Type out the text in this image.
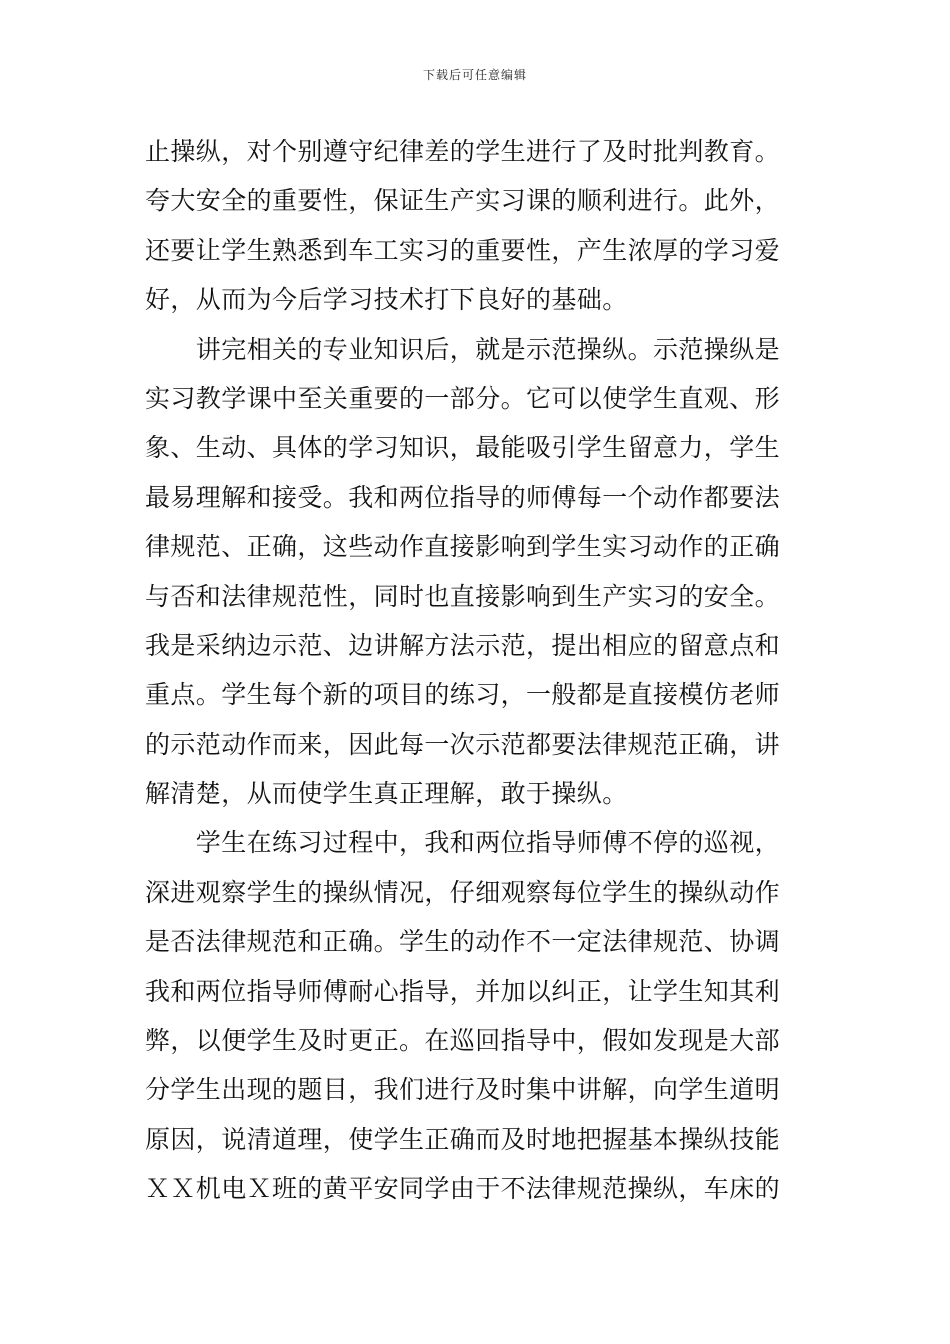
下载后可任意编辑
止操纵，对个别遵守纪律差的学生进行了及时批判教育。
夸大安全的重要性，保证生产实习课的顺利进行。此外，
还要让学生熟悉到车工实习的重要性，产生浓厚的学习爱
好，从而为今后学习技术打下良好的基础。
　　讲完相关的专业知识后，就是示范操纵。示范操纵是
实习教学课中至关重要的一部分。它可以使学生直观、形
象、生动、具体的学习知识，最能吸引学生留意力，学生
最易理解和接受。我和两位指导的师傅每一个动作都要法
律规范、正确，这些动作直接影响到学生实习动作的正确
与否和法律规范性，同时也直接影响到生产实习的安全。
我是采纳边示范、边讲解方法示范，提出相应的留意点和
重点。学生每个新的项目的练习，一般都是直接模仿老师
的示范动作而来，因此每一次示范都要法律规范正确，讲
解清楚，从而使学生真正理解，敢于操纵。
　　学生在练习过程中，我和两位指导师傅不停的巡视，
深进观察学生的操纵情况，仔细观察每位学生的操纵动作
是否法律规范和正确。学生的动作不一定法律规范、协调
我和两位指导师傅耐心指导，并加以纠正，让学生知其利
弊，以便学生及时更正。在巡回指导中，假如发现是大部
分学生出现的题目，我们进行及时集中讲解，向学生道明
原因，说清道理，使学生正确而及时地把握基本操纵技能
ＸＸ机电Ｘ班的黄平安同学由于不法律规范操纵，车床的
